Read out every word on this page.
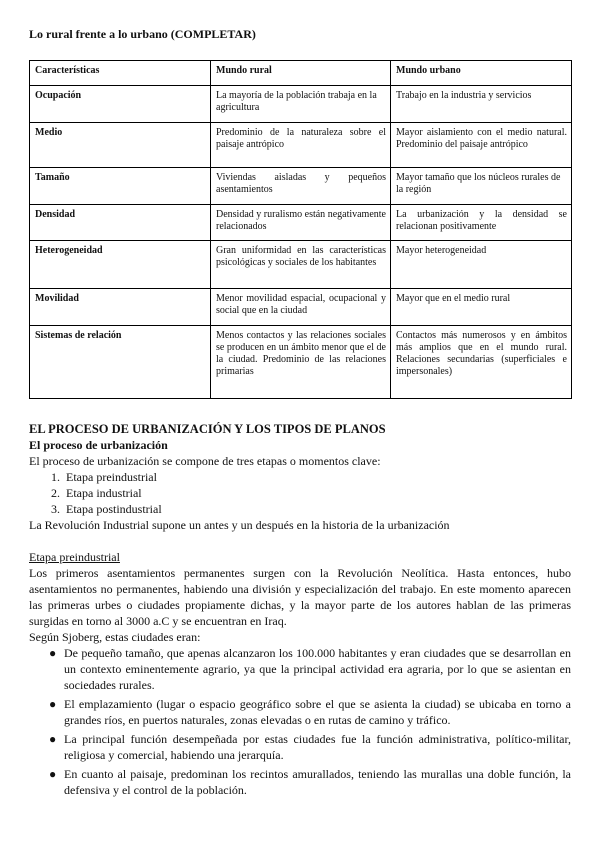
Lo rural frente a lo urbano (COMPLETAR)
Características	Mundo rural	Mundo urbano
Ocupación	La mayoría de la población trabaja en la agricultura	Trabajo en la industria y servicios
Medio	Predominio de la naturaleza sobre el paisaje antrópico	Mayor aislamiento con el medio natural. Predominio del paisaje antrópico
Tamaño	Viviendas aisladas y pequeños asentamientos	Mayor tamaño que los núcleos rurales de la región
Densidad	Densidad y ruralismo están negativamente relacionados	La urbanización y la densidad se relacionan positivamente
Heterogeneidad	Gran uniformidad en las características psicológicas y sociales de los habitantes	Mayor heterogeneidad
Movilidad	Menor movilidad espacial, ocupacional y social que en la ciudad	Mayor que en el medio rural
Sistemas de relación	Menos contactos y las relaciones sociales se producen en un ámbito menor que el de la ciudad. Predominio de las relaciones primarias	Contactos más numerosos y en ámbitos más amplios que en el mundo rural. Relaciones secundarias (superficiales e impersonales)

EL PROCESO DE URBANIZACIÓN Y LOS TIPOS DE PLANOS

El proceso de urbanización

El proceso de urbanización se compone de tres etapas o momentos clave:

1. Etapa preindustrial
2. Etapa industrial
3. Etapa postindustrial

La Revolución Industrial supone un antes y un después en la historia de la urbanización

Etapa preindustrial

Los primeros asentamientos permanentes surgen con la Revolución Neolítica. Hasta entonces, hubo asentamientos no permanentes, habiendo una división y especialización del trabajo. En este momento aparecen las primeras urbes o ciudades propiamente dichas, y la mayor parte de los autores hablan de las primeras surgidas en torno al 3000 a.C y se encuentran en Iraq.

Según Sjoberg, estas ciudades eran:

● De pequeño tamaño, que apenas alcanzaron los 100.000 habitantes y eran ciudades que se desarrollan en un contexto eminentemente agrario, ya que la principal actividad era agraria, por lo que se asientan en sociedades rurales.
● El emplazamiento (lugar o espacio geográfico sobre el que se asienta la ciudad) se ubicaba en torno a grandes ríos, en puertos naturales, zonas elevadas o en rutas de camino y tráfico.
● La principal función desempeñada por estas ciudades fue la función administrativa, político-militar, religiosa y comercial, habiendo una jerarquía.
● En cuanto al paisaje, predominan los recintos amurallados, teniendo las murallas una doble función, la defensiva y el control de la población.
